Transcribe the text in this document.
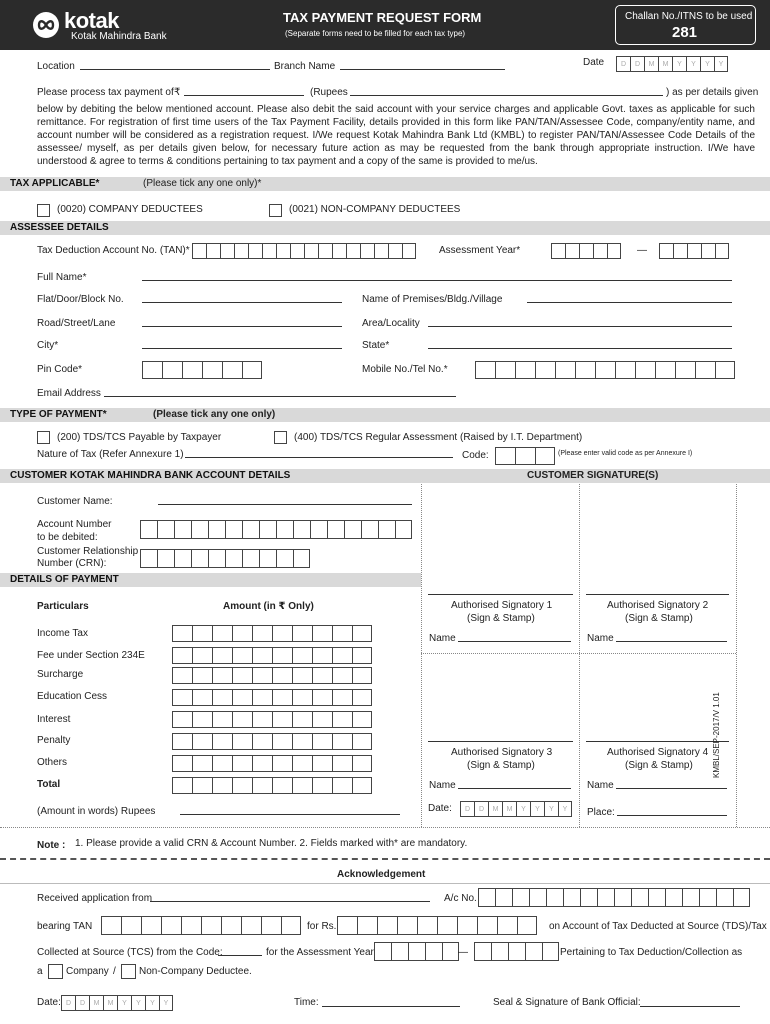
kotak
Kotak Mahindra Bank
TAX PAYMENT REQUEST FORM
(Separate forms need to be filled for each tax type)
Challan No./ITNS to be used
281
Location	Branch Name	Date	D	D	M	M	Y	Y	Y	Y
Please process tax payment of ₹	(Rupees	) as per details given
below by debiting the below mentioned account. Please also debit the said account with your service charges and applicable Govt. taxes as applicable for such remittance. For registration of first time users of the Tax Payment Facility, details provided in this form like PAN/TAN/Assessee Code, company/entity name, and account number will be considered as a registration request. I/We request Kotak Mahindra Bank Ltd (KMBL) to register PAN/TAN/Assessee Code Details of the assessee/ myself, as per details given below, for necessary future action as may be requested from the bank through appropriate instruction. I/We have understood & agree to terms & conditions pertaining to tax payment and a copy of the same is provided to me/us.
TAX APPLICABLE*	(Please tick any one only)*
(0020) COMPANY DEDUCTEES	(0021) NON-COMPANY DEDUCTEES
ASSESSEE DETAILS
Tax Deduction Account No. (TAN)*	Assessment Year*	—
Full Name*
Flat/Door/Block No.	Name of Premises/Bldg./Village
Road/Street/Lane	Area/Locality
City*	State*
Pin Code*	Mobile No./Tel No.*
Email Address
TYPE OF PAYMENT*	(Please tick any one only)
(200) TDS/TCS Payable by Taxpayer	(400) TDS/TCS Regular Assessment (Raised by I.T. Department)
Nature of Tax (Refer Annexure 1)	Code:	(Please enter valid code as per Annexure I)
CUSTOMER KOTAK MAHINDRA BANK ACCOUNT DETAILS	CUSTOMER SIGNATURE(S)
Customer Name:
Account Number
to be debited:
Customer Relationship
Number (CRN):
DETAILS OF PAYMENT
Particulars	Amount (in ₹ Only)
Income Tax
Fee under Section 234E
Surcharge
Education Cess
Interest
Penalty
Others
Total
(Amount in words) Rupees
Authorised Signatory 1
(Sign & Stamp)
Name
Authorised Signatory 2
(Sign & Stamp)
Name
Authorised Signatory 3
(Sign & Stamp)
Name
Authorised Signatory 4
(Sign & Stamp)
Name
Date:	D	D	M	M	Y	Y	Y	Y	Place:
KMBL/SEP-2017/V 1.01
Note : 1. Please provide a valid CRN & Account Number. 2. Fields marked with* are mandatory.
Acknowledgement
Received application from	A/c No.
bearing TAN	for Rs.	on Account of Tax Deducted at Source (TDS)/Tax
Collected at Source (TCS) from the Code:	for the Assessment Year	—	Pertaining to Tax Deduction/Collection as
a Company / Non-Company Deductee.
Date: D	D	M	M	Y	Y	Y	Y	Time:	Seal & Signature of Bank Official:
